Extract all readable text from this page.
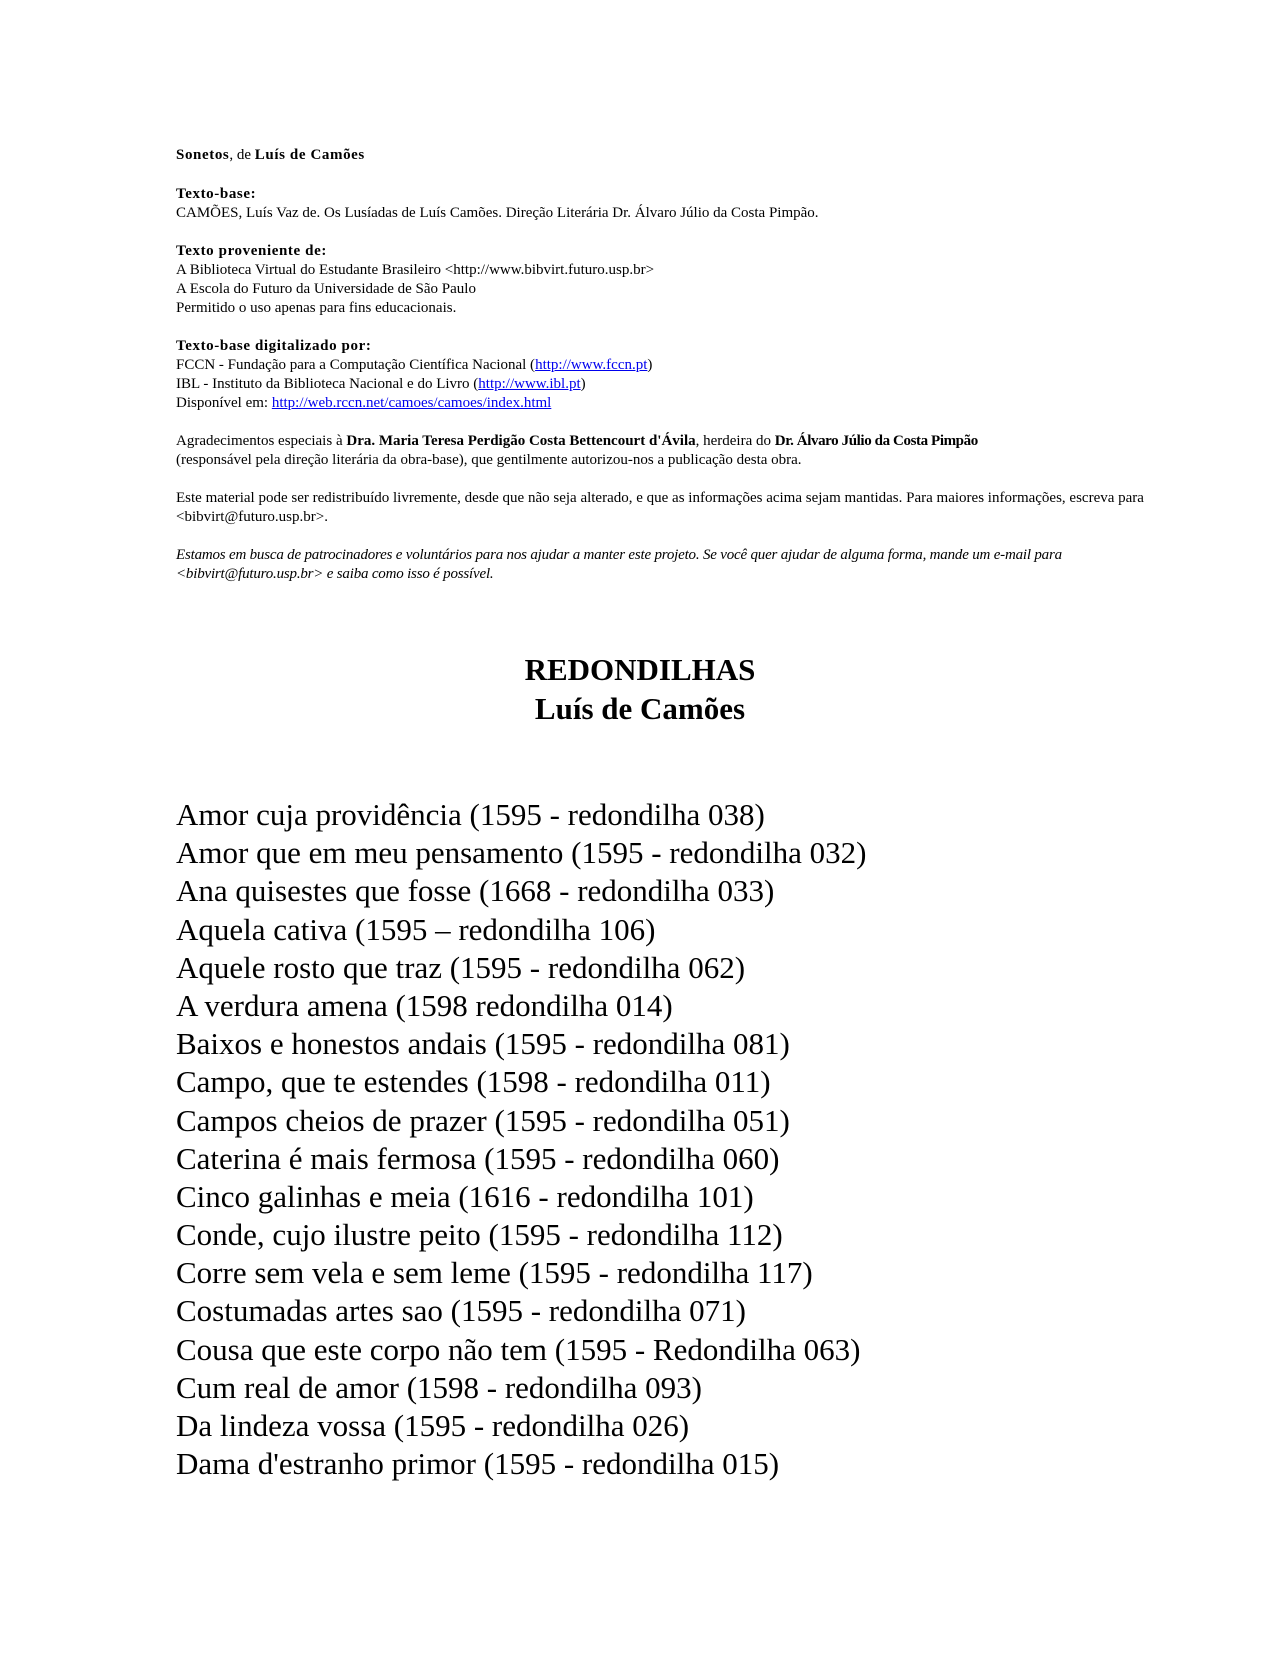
Sonetos, de Luís de Camões

Texto-base:
CAMÕES, Luís Vaz de. Os Lusíadas de Luís Camões. Direção Literária Dr. Álvaro Júlio da Costa Pimpão.

Texto proveniente de:
A Biblioteca Virtual do Estudante Brasileiro <http://www.bibvirt.futuro.usp.br>
A Escola do Futuro da Universidade de São Paulo
Permitido o uso apenas para fins educacionais.

Texto-base digitalizado por:
FCCN - Fundação para a Computação Científica Nacional (http://www.fccn.pt)
IBL - Instituto da Biblioteca Nacional e do Livro (http://www.ibl.pt)
Disponível em: http://web.rccn.net/camoes/camoes/index.html

Agradecimentos especiais à Dra. Maria Teresa Perdigão Costa Bettencourt d'Ávila, herdeira do Dr. Álvaro Júlio da Costa Pimpão
(responsável pela direção literária da obra-base), que gentilmente autorizou-nos a publicação desta obra.

Este material pode ser redistribuído livremente, desde que não seja alterado, e que as informações acima sejam mantidas. Para maiores informações, escreva para <bibvirt@futuro.usp.br>.

Estamos em busca de patrocinadores e voluntários para nos ajudar a manter este projeto. Se você quer ajudar de alguma forma, mande um e-mail para <bibvirt@futuro.usp.br> e saiba como isso é possível.

REDONDILHAS
Luís de Camões
Amor cuja providência (1595 - redondilha 038)
Amor que em meu pensamento (1595 - redondilha 032)
Ana quisestes que fosse (1668 - redondilha 033)
Aquela cativa (1595 – redondilha 106)
Aquele rosto que traz (1595 - redondilha 062)
A verdura amena (1598 redondilha 014)
Baixos e honestos andais (1595 - redondilha 081)
Campo, que te estendes (1598 - redondilha 011)
Campos cheios de prazer (1595 - redondilha 051)
Caterina é mais fermosa (1595 - redondilha 060)
Cinco galinhas e meia (1616 - redondilha 101)
Conde, cujo ilustre peito (1595 - redondilha 112)
Corre sem vela e sem leme (1595 - redondilha 117)
Costumadas artes sao (1595 - redondilha 071)
Cousa que este corpo não tem (1595 - Redondilha 063)
Cum real de amor (1598 - redondilha 093)
Da lindeza vossa (1595 - redondilha 026)
Dama d'estranho primor (1595 - redondilha 015)
